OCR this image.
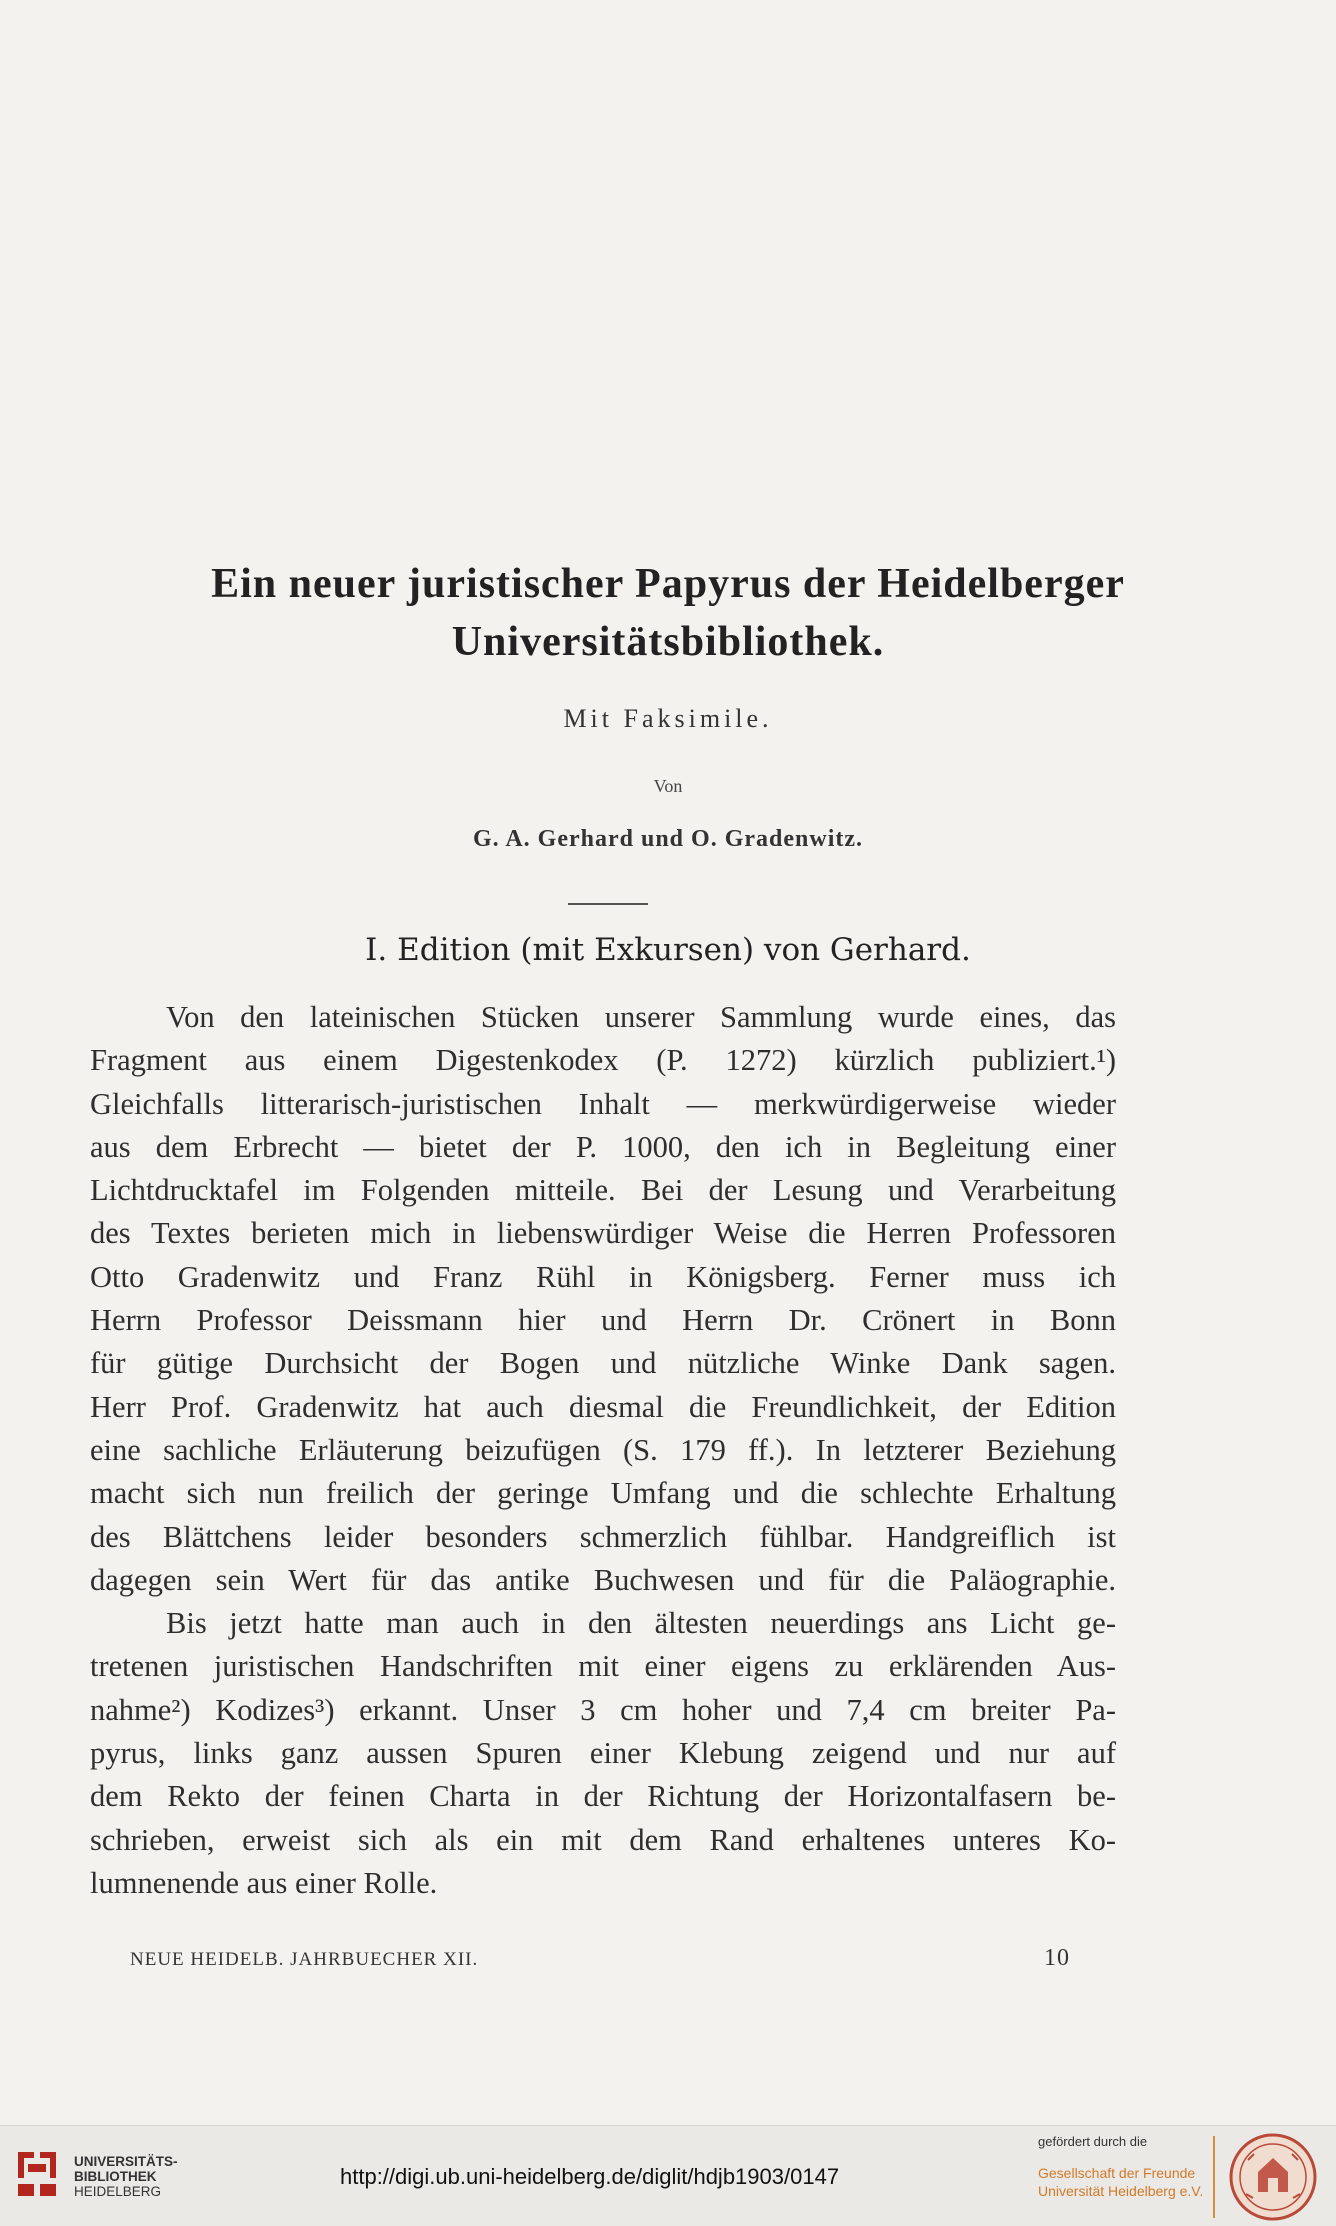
Ein neuer juristischer Papyrus der Heidelberger
Universitätsbibliothek.
Mit Faksimile.
Von
G. A. Gerhard und O. Gradenwitz.
I. Edition (mit Exkursen) von Gerhard.
Von den lateinischen Stücken unserer Sammlung wurde eines, das
Fragment aus einem Digestenkodex (P. 1272) kürzlich publiziert.¹)
Gleichfalls litterarisch-juristischen Inhalt — merkwürdigerweise wieder
aus dem Erbrecht — bietet der P. 1000, den ich in Begleitung einer
Lichtdrucktafel im Folgenden mitteile. Bei der Lesung und Verarbeitung
des Textes berieten mich in liebenswürdiger Weise die Herren Professoren
Otto Gradenwitz und Franz Rühl in Königsberg. Ferner muss ich
Herrn Professor Deissmann hier und Herrn Dr. Crönert in Bonn
für gütige Durchsicht der Bogen und nützliche Winke Dank sagen.
Herr Prof. Gradenwitz hat auch diesmal die Freundlichkeit, der Edition
eine sachliche Erläuterung beizufügen (S. 179 ff.). In letzterer Beziehung
macht sich nun freilich der geringe Umfang und die schlechte Erhaltung
des Blättchens leider besonders schmerzlich fühlbar. Handgreiflich ist
dagegen sein Wert für das antike Buchwesen und für die Paläographie.
Bis jetzt hatte man auch in den ältesten neuerdings ans Licht ge-
tretenen juristischen Handschriften mit einer eigens zu erklärenden Aus-
nahme²) Kodizes³) erkannt. Unser 3 cm hoher und 7,4 cm breiter Pa-
pyrus, links ganz aussen Spuren einer Klebung zeigend und nur auf
dem Rekto der feinen Charta in der Richtung der Horizontalfasern be-
schrieben, erweist sich als ein mit dem Rand erhaltenes unteres Ko-
lumnenende aus einer Rolle.
NEUE HEIDELB. JAHRBUECHER XII.	10
UNIVERSITÄTS-
BIBLIOTHEK
HEIDELBERG
http://digi.ub.uni-heidelberg.de/diglit/hdjb1903/0147
gefördert durch die
Gesellschaft der Freunde
Universität Heidelberg e.V.
